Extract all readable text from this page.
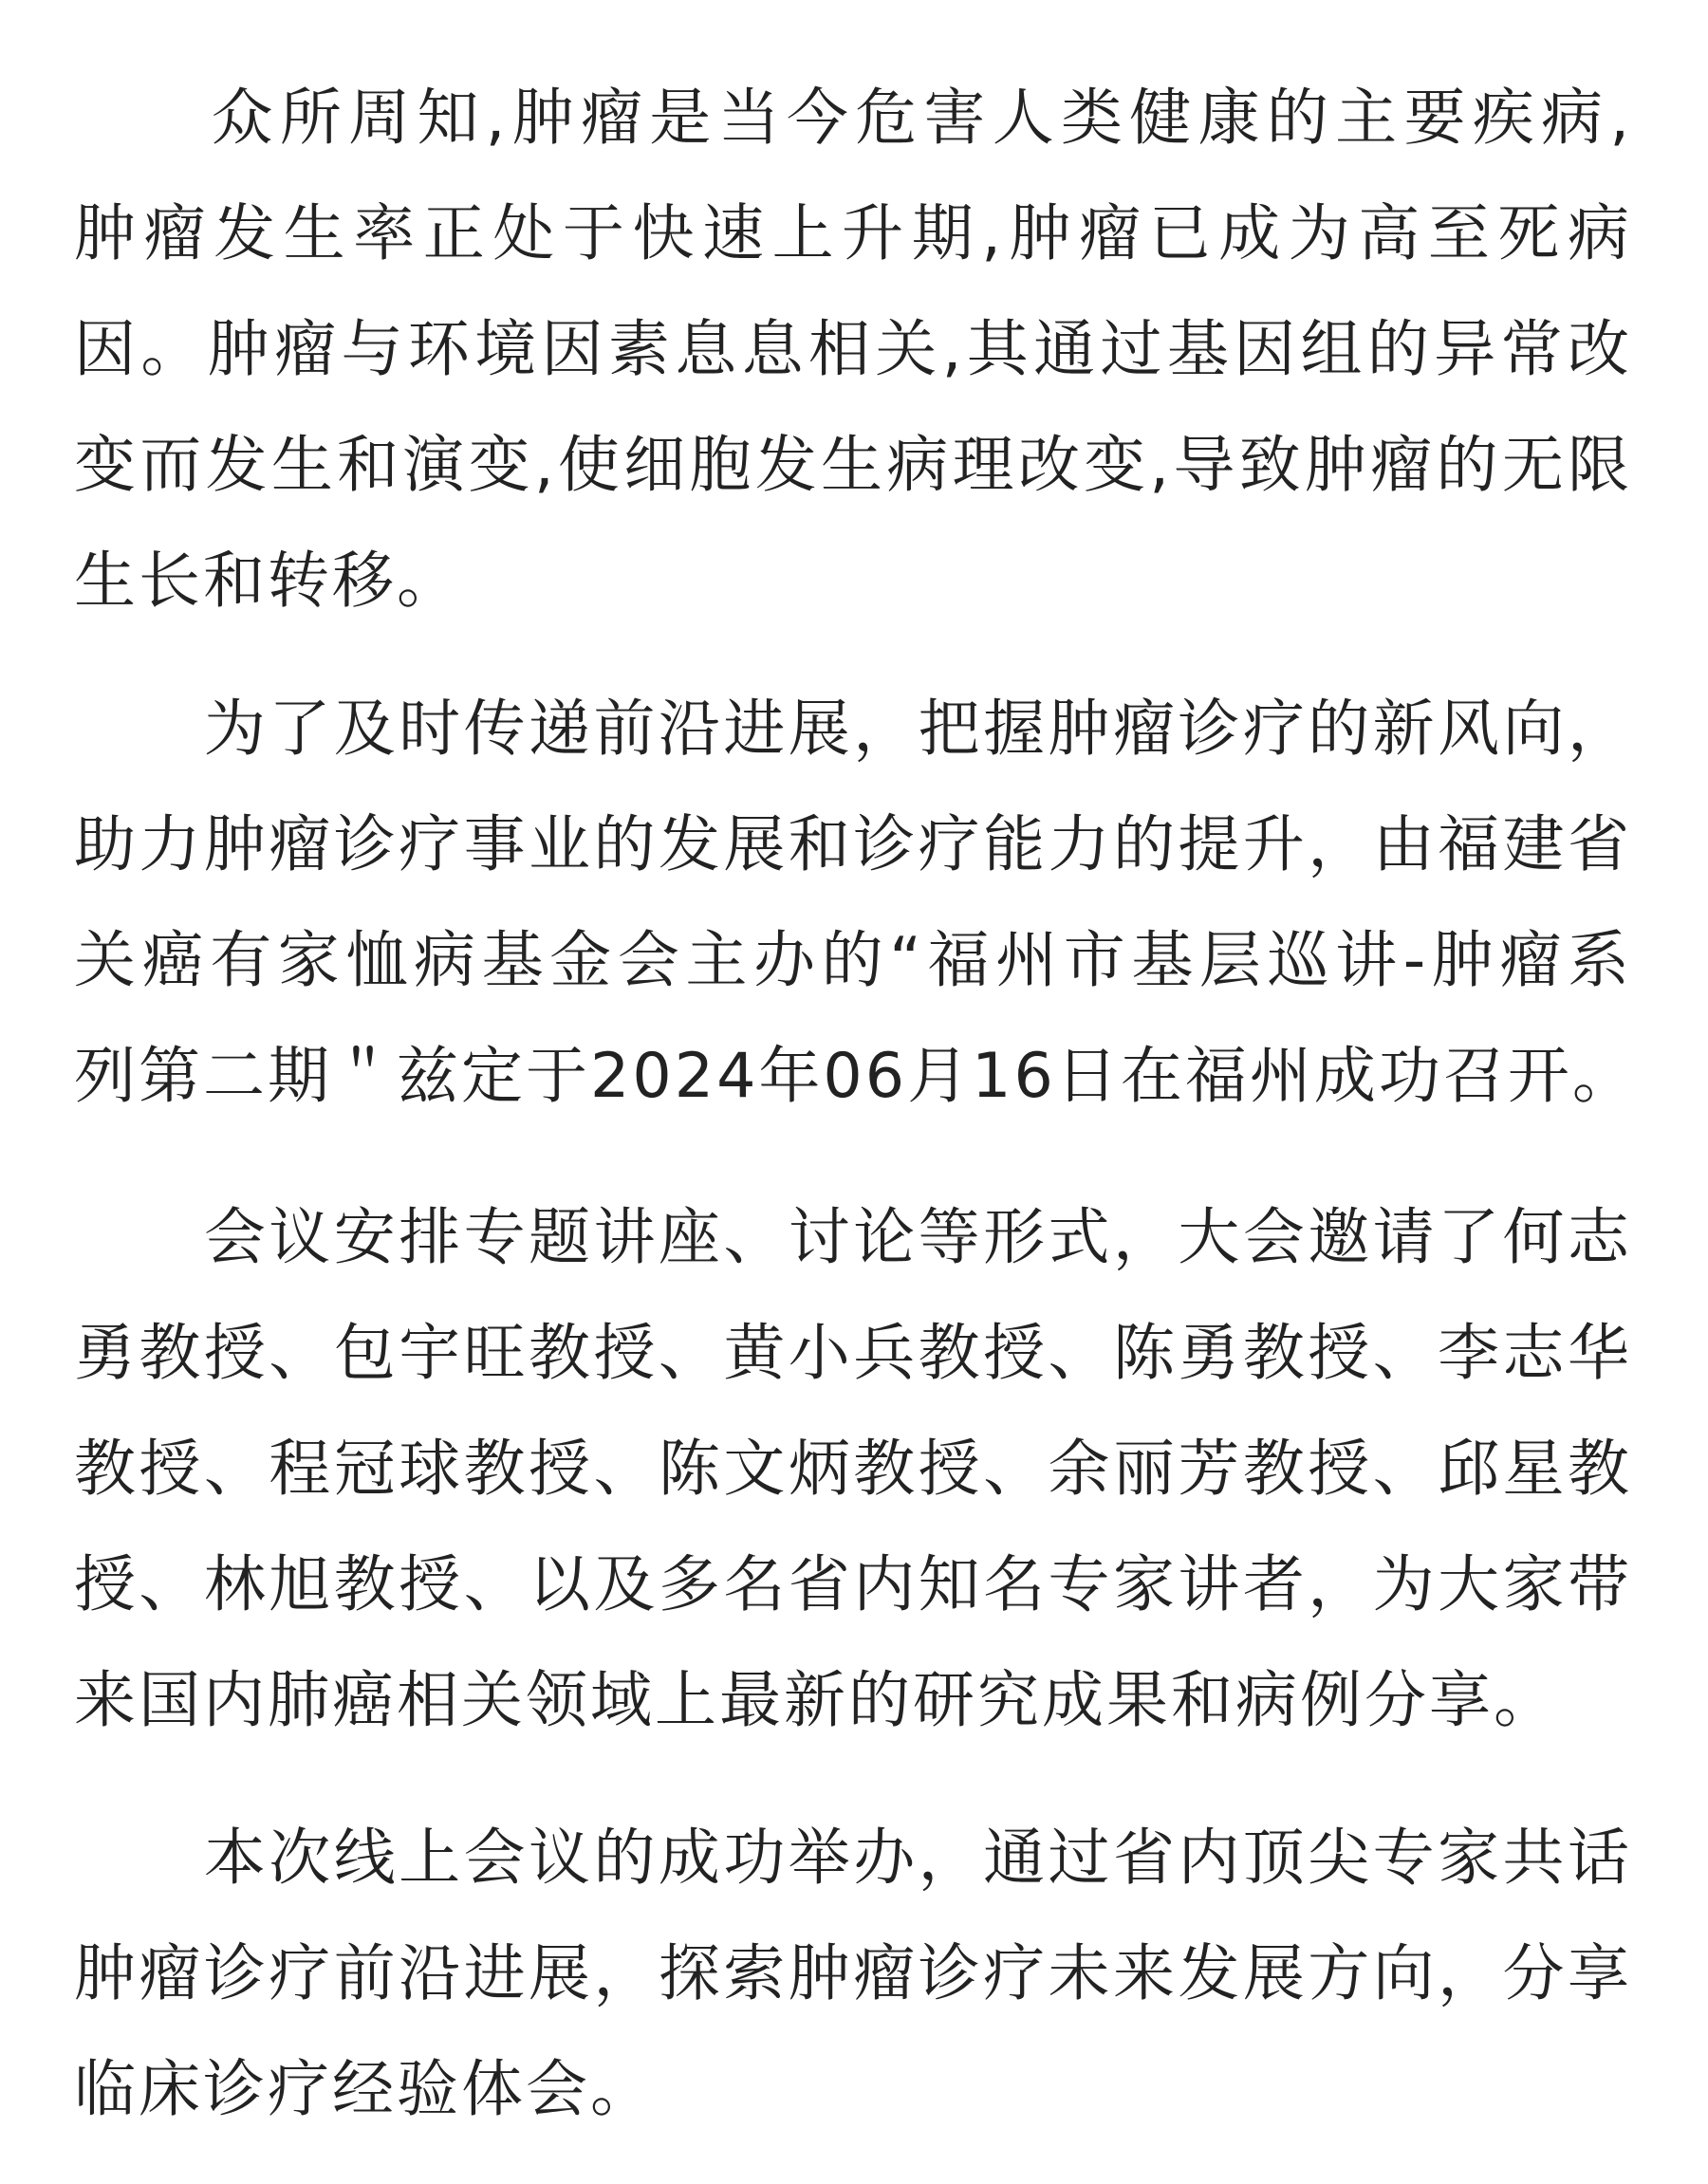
　　众所周知,肿瘤是当今危害人类健康的主要疾病,
肿瘤发生率正处于快速上升期,肿瘤已成为高至死病
因。肿瘤与环境因素息息相关,其通过基因组的异常改
变而发生和演变,使细胞发生病理改变,导致肿瘤的无限
生长和转移。

　　为了及时传递前沿进展，把握肿瘤诊疗的新风向，
助力肿瘤诊疗事业的发展和诊疗能力的提升，由福建省
关癌有家恤病基金会主办的“福州市基层巡讲-肿瘤系
列第二期＂兹定于2024年06月16日在福州成功召开。

　　会议安排专题讲座、讨论等形式，大会邀请了何志
勇教授、包宇旺教授、黄小兵教授、陈勇教授、李志华
教授、程冠球教授、陈文炳教授、余丽芳教授、邱星教
授、林旭教授、以及多名省内知名专家讲者，为大家带
来国内肺癌相关领域上最新的研究成果和病例分享。

　　本次线上会议的成功举办，通过省内顶尖专家共话
肿瘤诊疗前沿进展，探索肿瘤诊疗未来发展方向，分享
临床诊疗经验体会。
